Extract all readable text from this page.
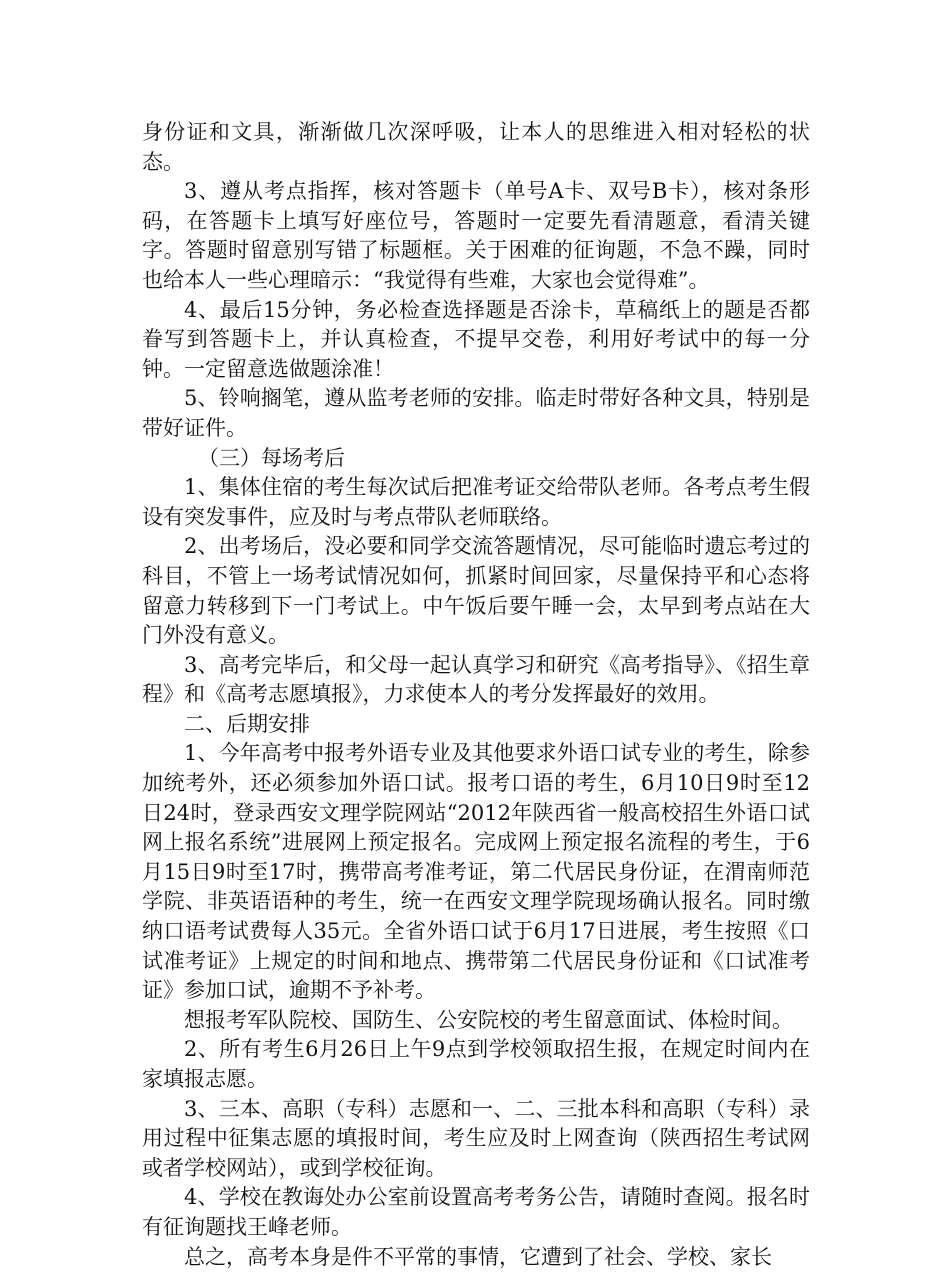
身份证和文具，渐渐做几次深呼吸，让本人的思维进入相对轻松的状态。

3、遵从考点指挥，核对答题卡（单号A卡、双号B卡），核对条形码，在答题卡上填写好座位号，答题时一定要先看清题意，看清关键字。答题时留意别写错了标题框。关于困难的征询题，不急不躁，同时也给本人一些心理暗示：“我觉得有些难，大家也会觉得难”。

4、最后15分钟，务必检查选择题是否涂卡，草稿纸上的题是否都眷写到答题卡上，并认真检查，不提早交卷，利用好考试中的每一分钟。一定留意选做题涂准！

5、铃响搁笔，遵从监考老师的安排。临走时带好各种文具，特别是带好证件。

（三）每场考后

1、集体住宿的考生每次试后把准考证交给带队老师。各考点考生假设有突发事件，应及时与考点带队老师联络。

2、出考场后，没必要和同学交流答题情况，尽可能临时遗忘考过的科目，不管上一场考试情况如何，抓紧时间回家，尽量保持平和心态将留意力转移到下一门考试上。中午饭后要午睡一会，太早到考点站在大门外没有意义。

3、高考完毕后，和父母一起认真学习和研究《高考指导》、《招生章程》和《高考志愿填报》，力求使本人的考分发挥最好的效用。

二、后期安排

1、今年高考中报考外语专业及其他要求外语口试专业的考生，除参加统考外，还必须参加外语口试。报考口语的考生，6月10日9时至12日24时，登录西安文理学院网站“2012年陕西省一般高校招生外语口试网上报名系统”进展网上预定报名。完成网上预定报名流程的考生，于6月15日9时至17时，携带高考准考证，第二代居民身份证，在渭南师范学院、非英语语种的考生，统一在西安文理学院现场确认报名。同时缴纳口语考试费每人35元。全省外语口试于6月17日进展，考生按照《口试准考证》上规定的时间和地点、携带第二代居民身份证和《口试准考证》参加口试，逾期不予补考。

想报考军队院校、国防生、公安院校的考生留意面试、体检时间。

2、所有考生6月26日上午9点到学校领取招生报，在规定时间内在家填报志愿。

3、三本、高职（专科）志愿和一、二、三批本科和高职（专科）录用过程中征集志愿的填报时间，考生应及时上网查询（陕西招生考试网或者学校网站），或到学校征询。

4、学校在教诲处办公室前设置高考考务公告，请随时查阅。报名时有征询题找王峰老师。

总之，高考本身是件不平常的事情，它遭到了社会、学校、家长
